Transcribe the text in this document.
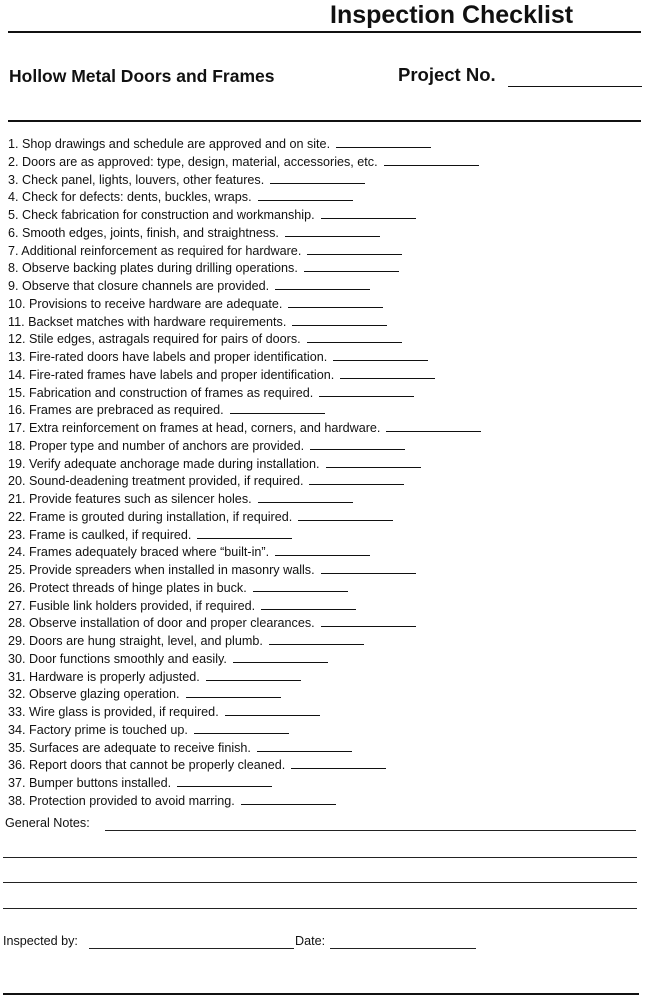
Inspection Checklist
Hollow Metal Doors and Frames	Project No.
1. Shop drawings and schedule are approved and on site.
2. Doors are as approved: type, design, material, accessories, etc.
3. Check panel, lights, louvers, other features.
4. Check for defects: dents, buckles, wraps.
5. Check fabrication for construction and workmanship.
6. Smooth edges, joints, finish, and straightness.
7. Additional reinforcement as required for hardware.
8. Observe backing plates during drilling operations.
9. Observe that closure channels are provided.
10. Provisions to receive hardware are adequate.
11. Backset matches with hardware requirements.
12. Stile edges, astragals required for pairs of doors.
13. Fire-rated doors have labels and proper identification.
14. Fire-rated frames have labels and proper identification.
15. Fabrication and construction of frames as required.
16. Frames are prebraced as required.
17. Extra reinforcement on frames at head, corners, and hardware.
18. Proper type and number of anchors are provided.
19. Verify adequate anchorage made during installation.
20. Sound-deadening treatment provided, if required.
21. Provide features such as silencer holes.
22. Frame is grouted during installation, if required.
23. Frame is caulked, if required.
24. Frames adequately braced where “built-in”.
25. Provide spreaders when installed in masonry walls.
26. Protect threads of hinge plates in buck.
27. Fusible link holders provided, if required.
28. Observe installation of door and proper clearances.
29. Doors are hung straight, level, and plumb.
30. Door functions smoothly and easily.
31. Hardware is properly adjusted.
32. Observe glazing operation.
33. Wire glass is provided, if required.
34. Factory prime is touched up.
35. Surfaces are adequate to receive finish.
36. Report doors that cannot be properly cleaned.
37. Bumper buttons installed.
38. Protection provided to avoid marring.
General Notes:
Inspected by:	Date:
